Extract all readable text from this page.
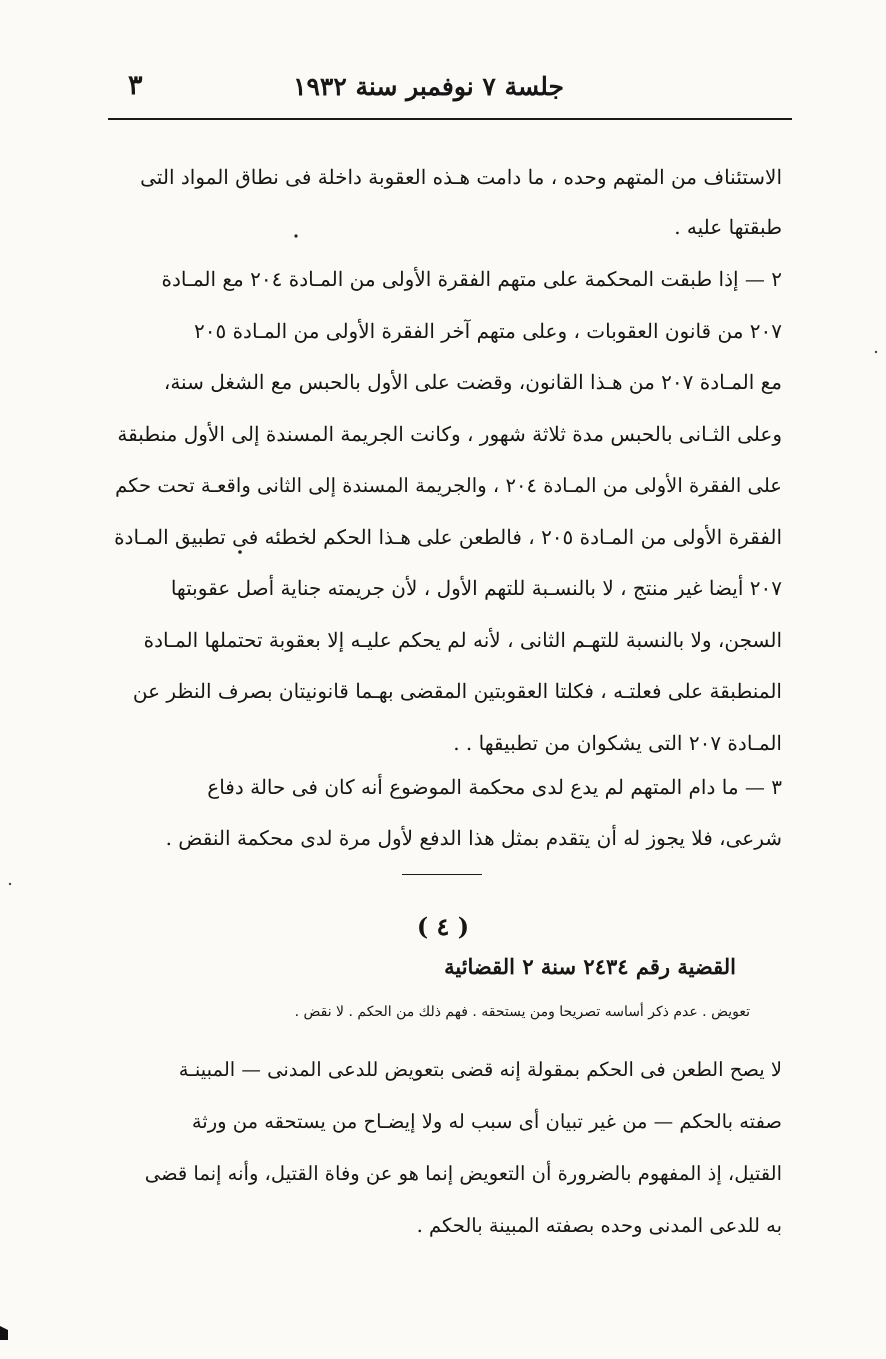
جلسة ٧ نوفمبر سنة ١٩٣٢
٣
الاستئناف من المتهم وحده ، ما دامت هـذه العقوبة داخلة فى نطاق المواد التى
طبقتها عليه .
٢ — إذا طبقت المحكمة على متهم الفقرة الأولى من المـادة ٢٠٤ مع المـادة
٢٠٧ من قانون العقوبات ، وعلى متهم آخر الفقرة الأولى من المـادة ٢٠٥
مع المـادة ٢٠٧ من هـذا القانون، وقضت على الأول بالحبس مع الشغل سنة،
وعلى الثـانى بالحبس مدة ثلاثة شهور ، وكانت الجريمة المسندة إلى الأول منطبقة
على الفقرة الأولى من المـادة ٢٠٤ ، والجريمة المسندة إلى الثانى واقعـة تحت حكم
الفقرة الأولى من المـادة ٢٠٥ ، فالطعن على هـذا الحكم لخطئه فى تطبيق المـادة
٢٠٧ أيضا غير منتج ، لا بالنسـبة للتهم الأول ، لأن جريمته جناية أصل عقوبتها
السجن، ولا بالنسبة للتهـم الثانى ، لأنه لم يحكم عليـه إلا بعقوبة تحتملها المـادة
المنطبقة على فعلتـه ، فكلتا العقوبتين المقضى بهـما قانونيتان بصرف النظر عن
المـادة ٢٠٧ التى يشكوان من تطبيقها . .
٣ — ما دام المتهم لم يدع لدى محكمة الموضوع أنه كان فى حالة دفاع
شرعى، فلا يجوز له أن يتقدم بمثل هذا الدفع لأول مرة لدى محكمة النقض .
( ٤ )
القضية رقم ٢٤٣٤ سنة ٢ القضائية
تعويض . عدم ذكر أساسه تصريحا ومن يستحقه . فهم ذلك من الحكم . لا نقض .
لا يصح الطعن فى الحكم بمقولة إنه قضى بتعويض للدعى المدنى — المبينـة
صفته بالحكم — من غير تبيان أى سبب له ولا إيضـاح من يستحقه من ورثة
القتيل، إذ المفهوم بالضرورة أن التعويض إنما هو عن وفاة القتيل، وأنه إنما قضى
به للدعى المدنى وحده بصفته المبينة بالحكم .
